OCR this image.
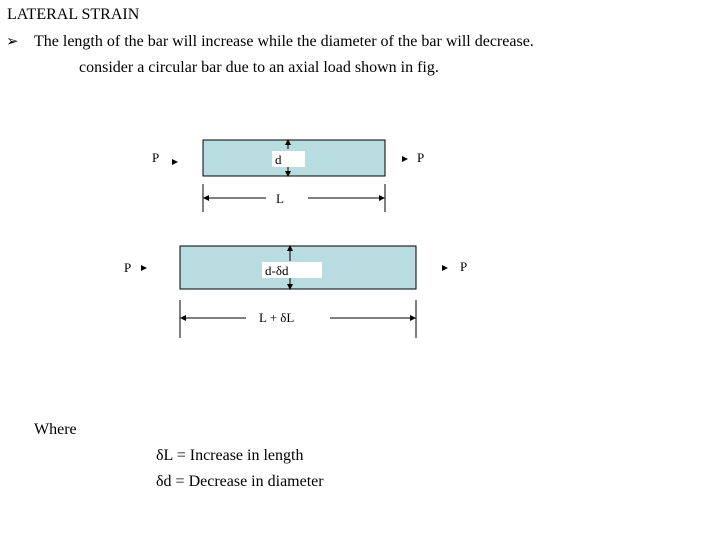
LATERAL STRAIN
➢ The length of the bar will increase while the diameter of the bar will decrease.
consider a circular bar due to an axial load shown in fig.
P	P
d
L
P	P
d-δd
L + δL
Where
δL = Increase in length
δd = Decrease in diameter
